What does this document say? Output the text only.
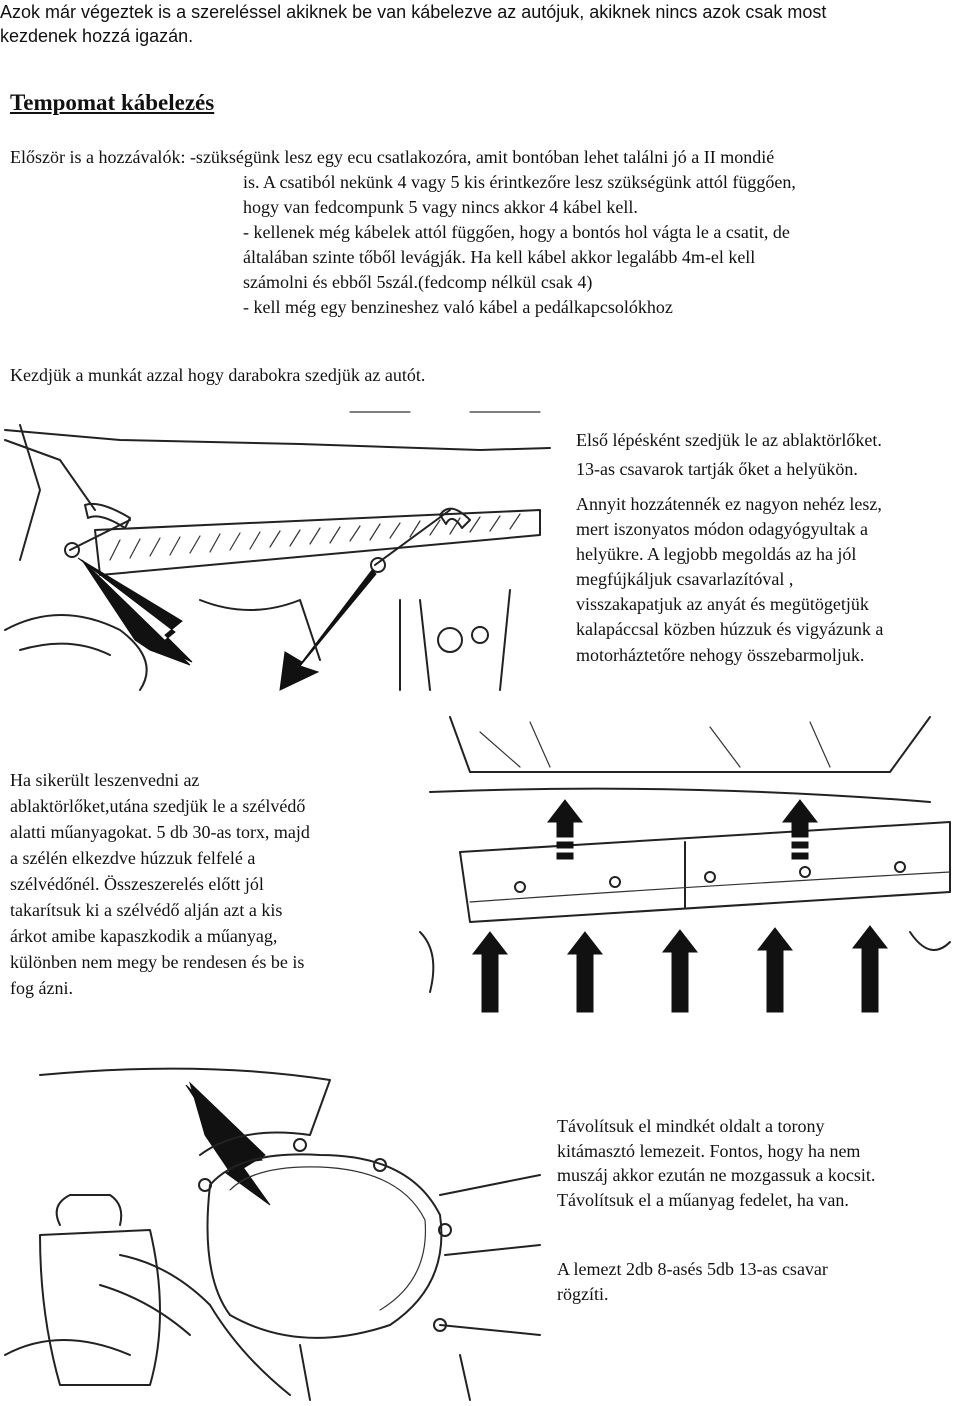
Azok már végeztek is a szereléssel akiknek be van kábelezve az autójuk, akiknek nincs azok csak most
kezdenek hozzá igazán.
Tempomat kábelezés
Először is a hozzávalók: -szükségünk lesz egy ecu csatlakozóra, amit bontóban lehet találni jó a II mondié
is. A csatiból nekünk 4 vagy 5 kis érintkezőre lesz szükségünk attól függően,
hogy van fedcompunk 5 vagy nincs akkor 4 kábel kell.
- kellenek még kábelek attól függően, hogy a bontós hol vágta le a csatit, de
általában szinte tőből levágják. Ha kell kábel akkor legalább 4m-el kell
számolni és ebből 5szál.(fedcomp nélkül csak 4)
- kell még egy benzineshez való kábel a pedálkapcsolókhoz
Kezdjük a munkát azzal hogy darabokra szedjük az autót.
Első lépésként szedjük le az ablaktörlőket.
13-as csavarok tartják őket a helyükön.
Annyit hozzátennék ez nagyon nehéz lesz,
mert iszonyatos módon odagyógyultak a
helyükre. A legjobb megoldás az ha jól
megfújkáljuk csavarlazítóval ,
visszakapatjuk az anyát és megütögetjük
kalapáccsal közben húzzuk és vigyázunk a
motorháztetőre nehogy összebarmoljuk.
Ha sikerült leszenvedni az
ablaktörlőket,utána szedjük le a szélvédő
alatti műanyagokat. 5 db 30-as torx, majd
a szélén elkezdve húzzuk felfelé a
szélvédőnél. Összeszerelés előtt jól
takarítsuk ki a szélvédő alján azt a kis
árkot amibe kapaszkodik a műanyag,
különben nem megy be rendesen és be is
fog ázni.
Távolítsuk el mindkét oldalt a torony
kitámasztó lemezeit. Fontos, hogy ha nem
muszáj akkor ezután ne mozgassuk a kocsit.
Távolítsuk el a műanyag fedelet, ha van.
A lemezt 2db 8-asés 5db 13-as csavar
rögzíti.
